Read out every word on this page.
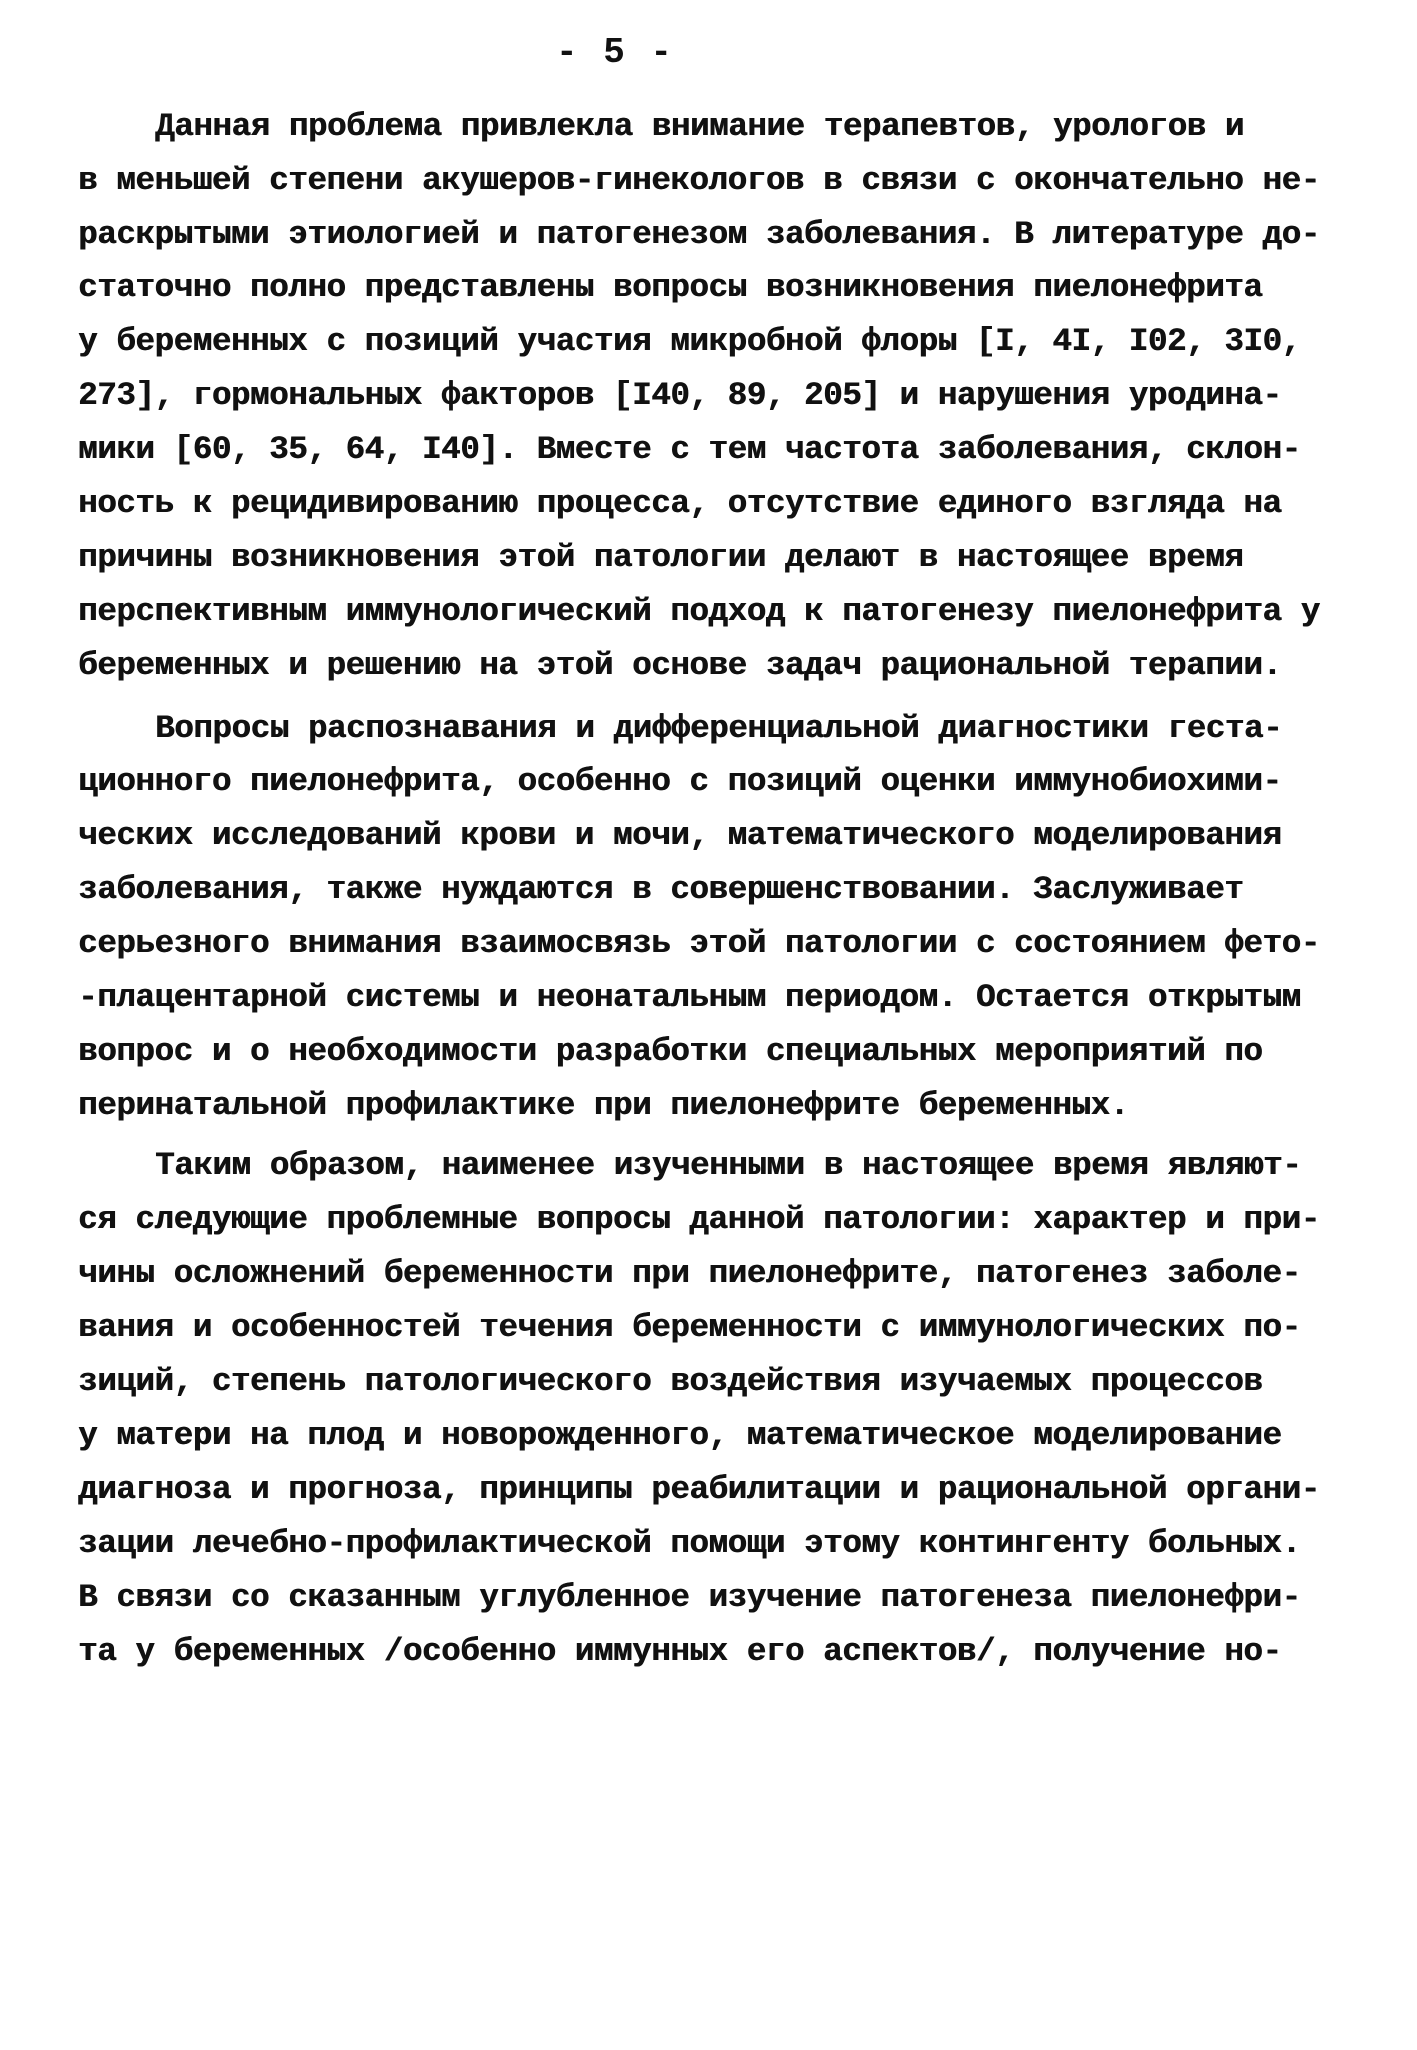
- 5 -
Данная проблема привлекла внимание терапевтов, урологов и
в меньшей степени акушеров-гинекологов в связи с окончательно не-
раскрытыми этиологией и патогенезом заболевания. В литературе до-
статочно полно представлены вопросы возникновения пиелонефрита
у беременных с позиций участия микробной флоры [I, 4I, I02, 3I0,
273], гормональных факторов [I40, 89, 205] и нарушения уродина-
мики [60, 35, 64, I40]. Вместе с тем частота заболевания, склон-
ность к рецидивированию процесса, отсутствие единого взгляда на
причины возникновения этой патологии делают в настоящее время
перспективным иммунологический подход к патогенезу пиелонефрита у
беременных и решению на этой основе задач рациональной терапии.
Вопросы распознавания и дифференциальной диагностики геста-
ционного пиелонефрита, особенно с позиций оценки иммунобиохими-
ческих исследований крови и мочи, математического моделирования
заболевания, также нуждаются в совершенствовании. Заслуживает
серьезного внимания взаимосвязь этой патологии с состоянием фето-
-плацентарной системы и неонатальным периодом. Остается открытым
вопрос и о необходимости разработки специальных мероприятий по
перинатальной профилактике при пиелонефрите беременных.
Таким образом, наименее изученными в настоящее время являют-
ся следующие проблемные вопросы данной патологии: характер и при-
чины осложнений беременности при пиелонефрите, патогенез заболе-
вания и особенностей течения беременности с иммунологических по-
зиций, степень патологического воздействия изучаемых процессов
у матери на плод и новорожденного, математическое моделирование
диагноза и прогноза, принципы реабилитации и рациональной органи-
зации лечебно-профилактической помощи этому контингенту больных.
В связи со сказанным углубленное изучение патогенеза пиелонефри-
та у беременных /особенно иммунных его аспектов/, получение но-
